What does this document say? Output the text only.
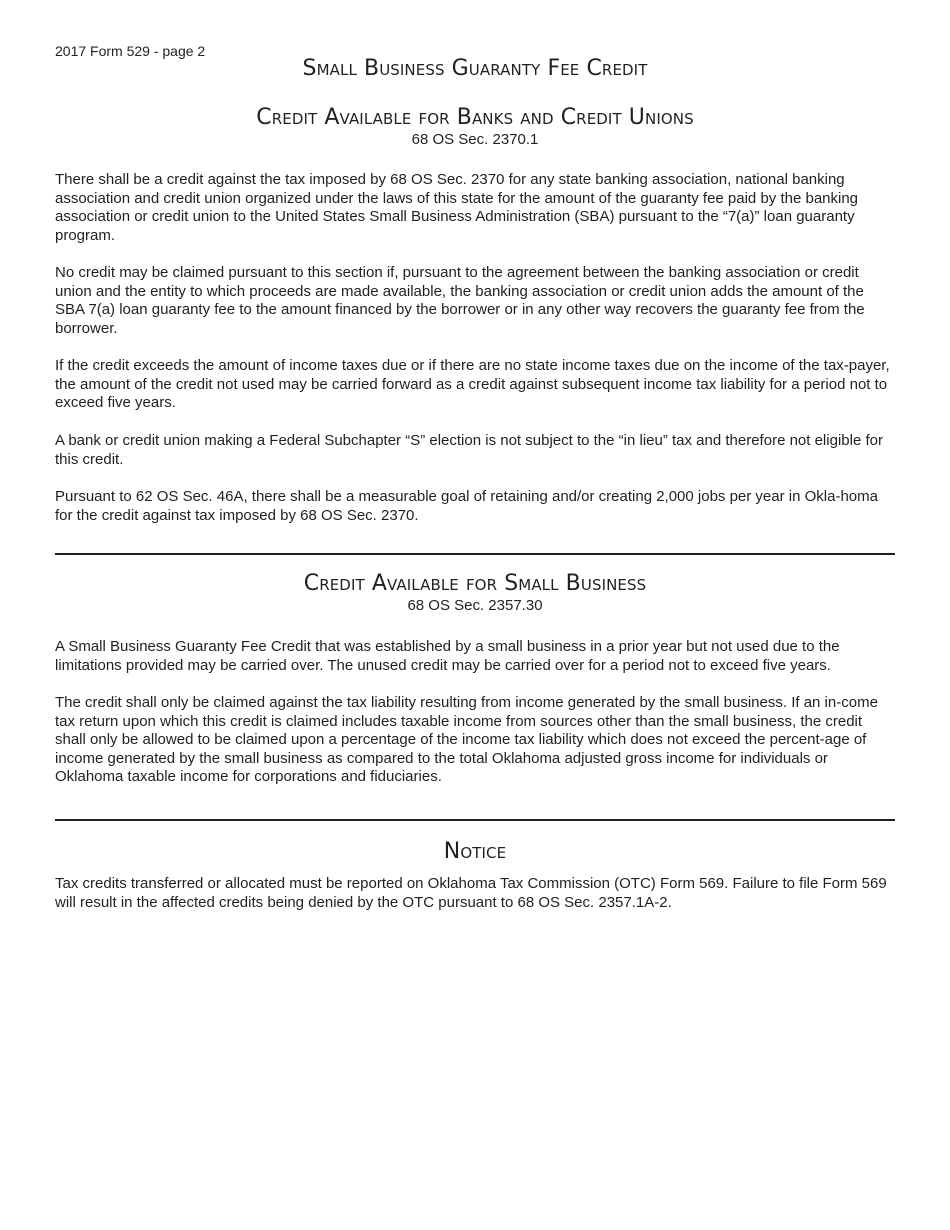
2017 Form 529 - page 2
Small Business Guaranty Fee Credit
Credit Available for Banks and Credit Unions

68 OS Sec. 2370.1

There shall be a credit against the tax imposed by 68 OS Sec. 2370 for any state banking association, national banking association and credit union organized under the laws of this state for the amount of the guaranty fee paid by the banking association or credit union to the United States Small Business Administration (SBA) pursuant to the “7(a)” loan guaranty program.

No credit may be claimed pursuant to this section if, pursuant to the agreement between the banking association or credit union and the entity to which proceeds are made available, the banking association or credit union adds the amount of the SBA 7(a) loan guaranty fee to the amount financed by the borrower or in any other way recovers the guaranty fee from the borrower.

If the credit exceeds the amount of income taxes due or if there are no state income taxes due on the income of the tax-payer, the amount of the credit not used may be carried forward as a credit against subsequent income tax liability for a period not to exceed five years.

A bank or credit union making a Federal Subchapter “S” election is not subject to the “in lieu” tax and therefore not eligible for this credit.

Pursuant to 62 OS Sec. 46A, there shall be a measurable goal of retaining and/or creating 2,000 jobs per year in Okla-homa for the credit against tax imposed by 68 OS Sec. 2370.

Credit Available for Small Business

68 OS Sec. 2357.30

A Small Business Guaranty Fee Credit that was established by a small business in a prior year but not used due to the limitations provided may be carried over. The unused credit may be carried over for a period not to exceed five years.

The credit shall only be claimed against the tax liability resulting from income generated by the small business. If an in-come tax return upon which this credit is claimed includes taxable income from sources other than the small business, the credit shall only be allowed to be claimed upon a percentage of the income tax liability which does not exceed the percent-age of income generated by the small business as compared to the total Oklahoma adjusted gross income for individuals or Oklahoma taxable income for corporations and fiduciaries.

Notice

Tax credits transferred or allocated must be reported on Oklahoma Tax Commission (OTC) Form 569. Failure to file Form 569 will result in the affected credits being denied by the OTC pursuant to 68 OS Sec. 2357.1A-2.
